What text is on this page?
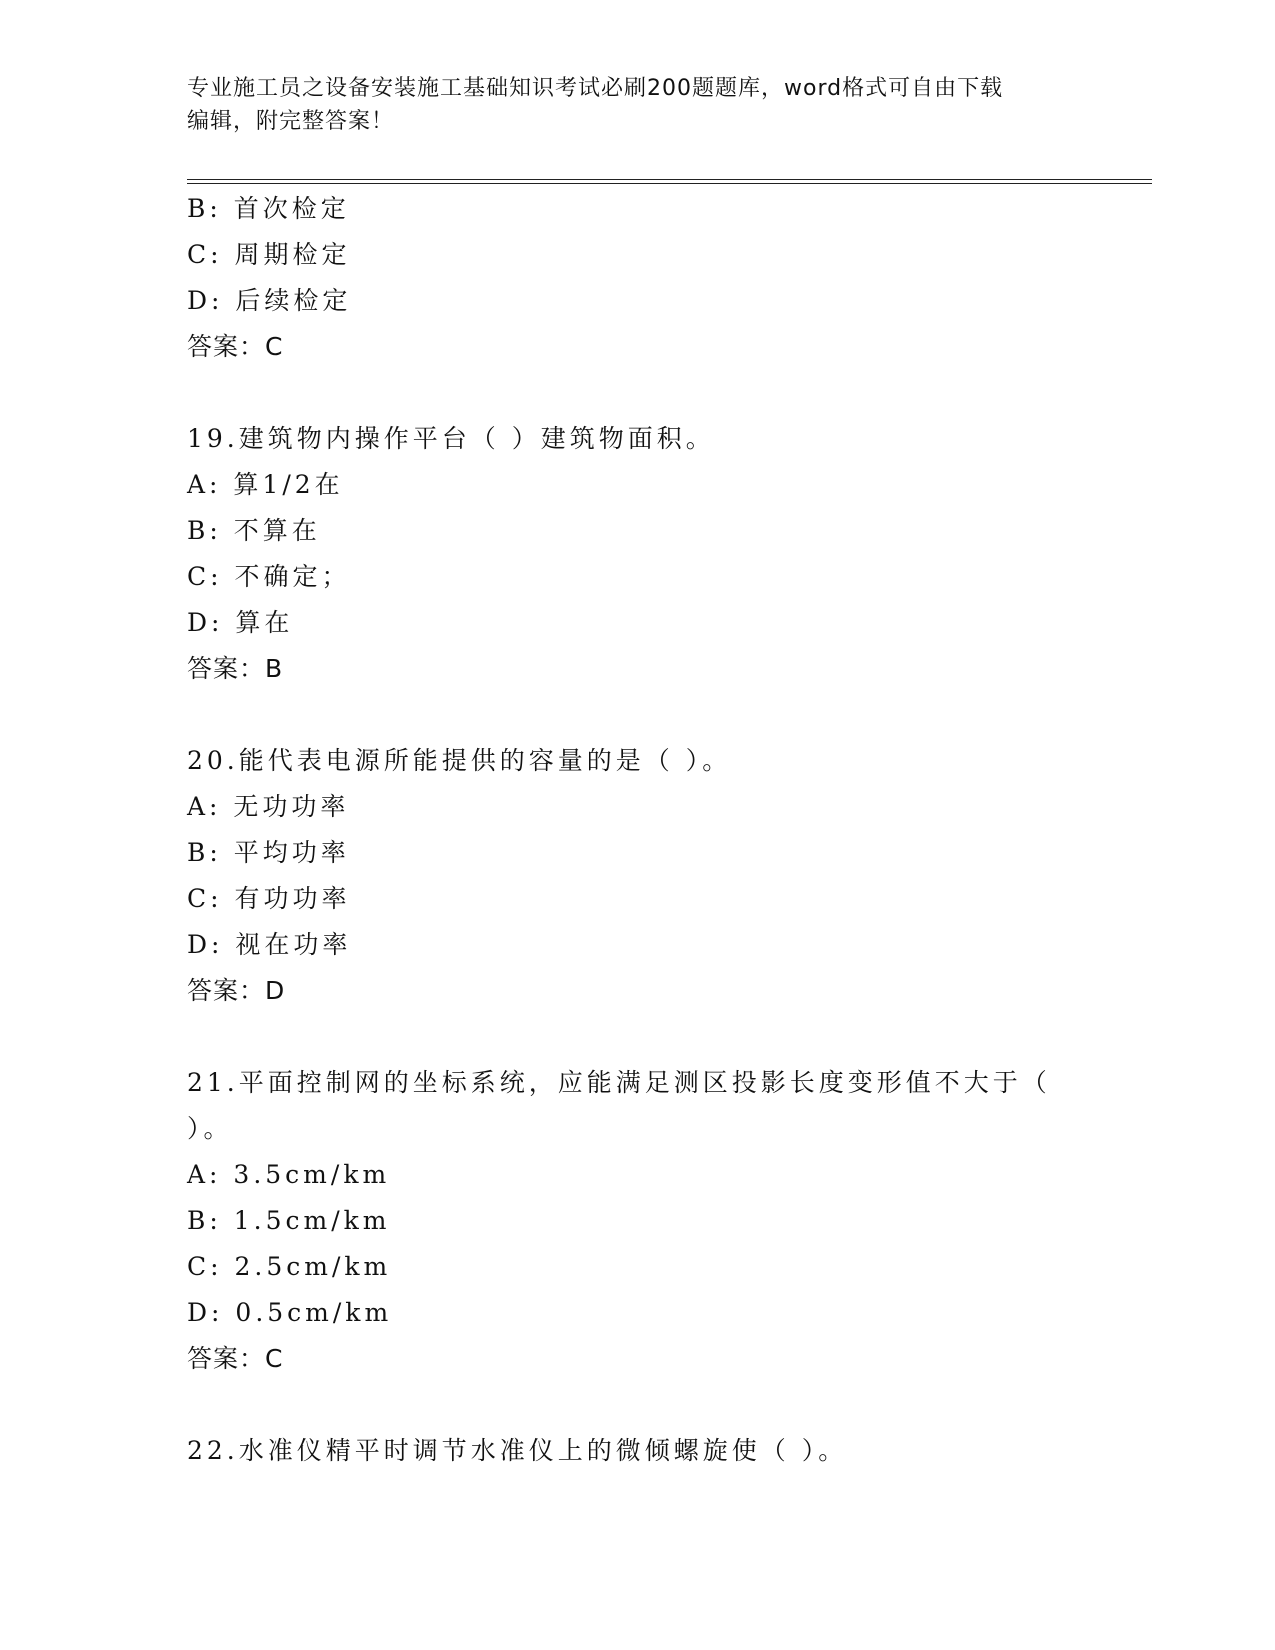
专业施工员之设备安装施工基础知识考试必刷200题题库，word格式可自由下载
编辑，附完整答案！
B: 首次检定
C: 周期检定
D: 后续检定
答案：C
19.建筑物内操作平台（ ）建筑物面积。
A: 算1/2在
B: 不算在
C: 不确定；
D: 算在
答案：B
20.能代表电源所能提供的容量的是（ ）。
A: 无功功率
B: 平均功率
C: 有功功率
D: 视在功率
答案：D
21.平面控制网的坐标系统，应能满足测区投影长度变形值不大于（
）。
A: 3.5cm/km
B: 1.5cm/km
C: 2.5cm/km
D: 0.5cm/km
答案：C
22.水准仪精平时调节水准仪上的微倾螺旋使（ ）。
